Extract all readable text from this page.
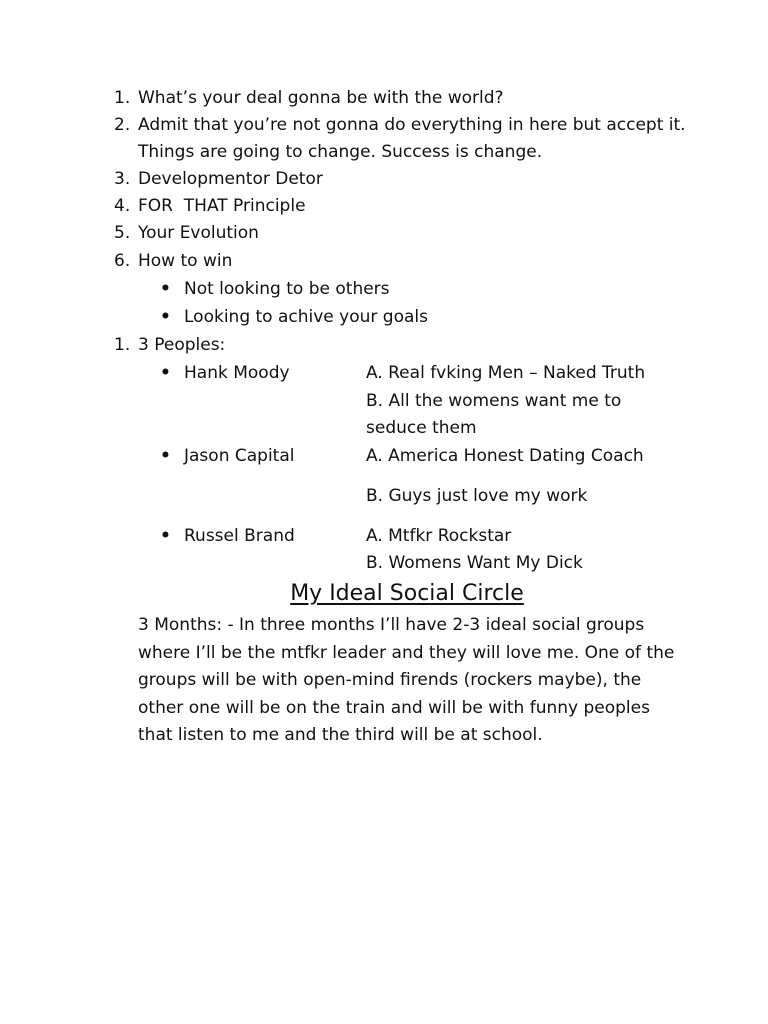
1. What’s your deal gonna be with the world?
2. Admit that you’re not gonna do everything in here but accept it.
Things are going to change. Success is change.
3. Developmentor Detor
4. FOR  THAT Principle
5. Your Evolution
6. How to win
• Not looking to be others
• Looking to achive your goals
1. 3 Peoples:
• Hank Moody	A. Real fvking Men – Naked Truth
B. All the womens want me to
seduce them
• Jason Capital	A. America Honest Dating Coach
B. Guys just love my work
• Russel Brand	A. Mtfkr Rockstar
B. Womens Want My Dick
My Ideal Social Circle
3 Months: - In three months I’ll have 2-3 ideal social groups
where I’ll be the mtfkr leader and they will love me. One of the
groups will be with open-mind firends (rockers maybe), the
other one will be on the train and will be with funny peoples
that listen to me and the third will be at school.
